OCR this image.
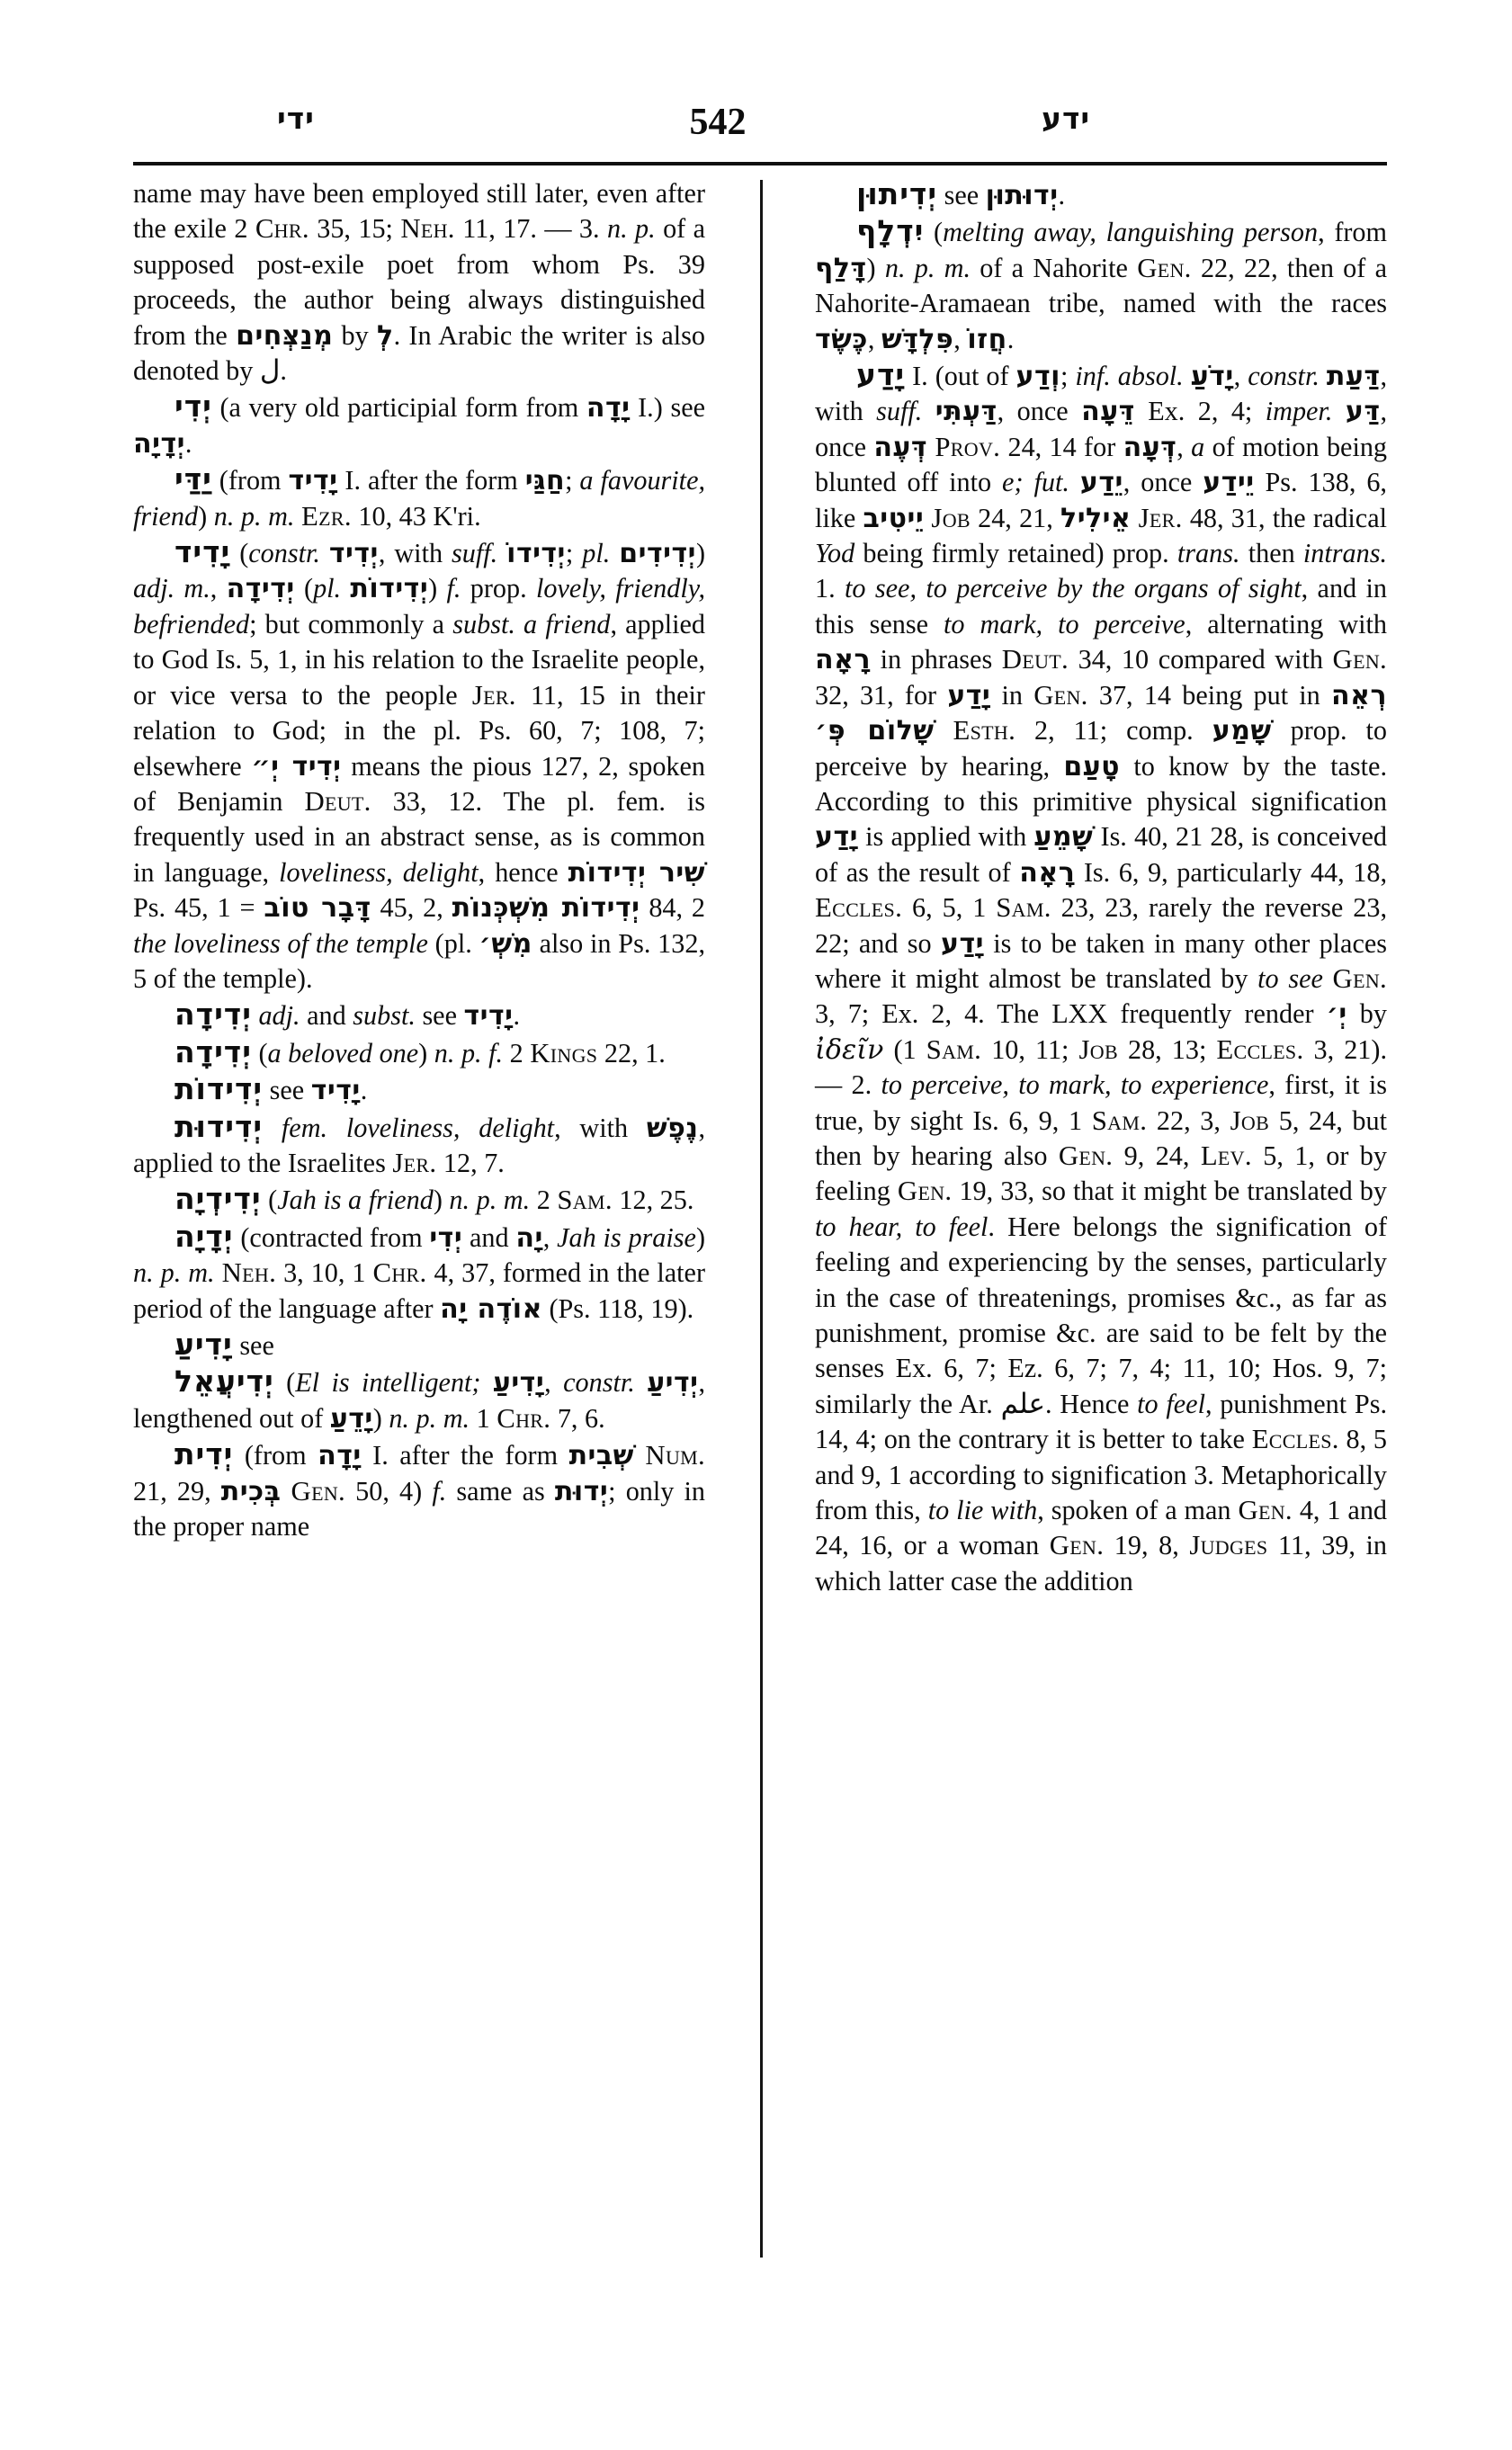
ידי	542	ידע

name may have been employed still later, even after the exile 2 Chr. 35, 15; Neh. 11, 17. — 3. n. p. of a supposed post-exile poet from whom Ps. 39 proceeds, the author being always distinguished from the מְנַצְּחִים by לְ. In Arabic the writer is also denoted by ل.

יְדִי (a very old participial form from יָדָה I.) see יְדָיָה.

יַדַּי (from יָדִיד I. after the form חַגַּי; a favourite, friend) n. p. m. Ezr. 10, 43 K'ri.

יָדִיד (constr. יְדִיד, with suff. יְדִידוֹ; pl. יְדִידִים) adj. m., יְדִידָה (pl. יְדִידוֹת) f. prop. lovely, friendly, befriended; but commonly a subst. a friend, applied to God Is. 5, 1, in his relation to the Israelite people, or vice versa to the people Jer. 11, 15 in their relation to God; in the pl. Ps. 60, 7; 108, 7; elsewhere יְדִיד יְ״ means the pious 127, 2, spoken of Benjamin Deut. 33, 12. The pl. fem. is frequently used in an abstract sense, as is common in language, loveliness, delight, hence שִׁיר יְדִידוֹת Ps. 45, 1 = דָּבָר טוֹב 45, 2, יְדִידוֹת מִשְׁכְּנוֹת 84, 2 the loveliness of the temple (pl. מִשְׁ׳ also in Ps. 132, 5 of the temple).

יְדִידָה adj. and subst. see יָדִיד.

יְדִידָה (a beloved one) n. p. f. 2 Kings 22, 1.

יְדִידוֹת see יָדִיד.

יְדִידוּת fem. loveliness, delight, with נֶפֶשׁ, applied to the Israelites Jer. 12, 7.

יְדִידְיָה (Jah is a friend) n. p. m. 2 Sam. 12, 25.

יְדָיָה (contracted from יְדִי and יָה, Jah is praise) n. p. m. Neh. 3, 10, 1 Chr. 4, 37, formed in the later period of the language after אוֹדֶה יָה (Ps. 118, 19).

יָדִיעַ see

יְדִיעֲאֵל (El is intelligent; יָדִיעַ, constr. יְדִיעַ, lengthened out of יָדֵעַ) n. p. m. 1 Chr. 7, 6.

יְדִית (from יָדָה I. after the form שְׁבִית Num. 21, 29, בְּכִית Gen. 50, 4) f. same as יְדוּת; only in the proper name

יְדִיתוּן see יְדוּתוּן.

יִדְלָף (melting away, languishing person, from דָּלַף) n. p. m. of a Nahorite Gen. 22, 22, then of a Nahorite-Aramaean tribe, named with the races כֶּשֶׂד, פִּלְדָּשׁ, חֲזוֹ.

יָדַע I. (out of וְדַע; inf. absol. יָדֹעַ, constr. דַּעַת, with suff. דַּעְתִּי, once דֵּעָה Ex. 2, 4; imper. דַּע, once דְּעֶה Prov. 24, 14 for דְּעָה, a of motion being blunted off into e; fut. יֵדַע, once יֵידַע Ps. 138, 6, like יֵיטִיב Job 24, 21, אֵילִיל Jer. 48, 31, the radical Yod being firmly retained) prop. trans. then intrans. 1. to see, to perceive by the organs of sight, and in this sense to mark, to perceive, alternating with רָאָה in phrases Deut. 34, 10 compared with Gen. 32, 31, for יָדַע in Gen. 37, 14 being put in רְאֵה שָׁלוֹם פְּ׳ Esth. 2, 11; comp. שָׁמַע prop. to perceive by hearing, טָעַם to know by the taste. According to this primitive physical signification יָדַע is applied with שָׁמֵעַ Is. 40, 21 28, is conceived of as the result of רָאָה Is. 6, 9, particularly 44, 18, Eccles. 6, 5, 1 Sam. 23, 23, rarely the reverse 23, 22; and so יָדַע is to be taken in many other places where it might almost be translated by to see Gen. 3, 7; Ex. 2, 4. The LXX frequently render יְ׳ by ἰδεῖν (1 Sam. 10, 11; Job 28, 13; Eccles. 3, 21). — 2. to perceive, to mark, to experience, first, it is true, by sight Is. 6, 9, 1 Sam. 22, 3, Job 5, 24, but then by hearing also Gen. 9, 24, Lev. 5, 1, or by feeling Gen. 19, 33, so that it might be translated by to hear, to feel. Here belongs the signification of feeling and experiencing by the senses, particularly in the case of threatenings, promises &c., as far as punishment, promise &c. are said to be felt by the senses Ex. 6, 7; Ez. 6, 7; 7, 4; 11, 10; Hos. 9, 7; similarly the Ar. علم. Hence to feel, punishment Ps. 14, 4; on the contrary it is better to take Eccles. 8, 5 and 9, 1 according to signification 3. Metaphorically from this, to lie with, spoken of a man Gen. 4, 1 and 24, 16, or a woman Gen. 19, 8, Judges 11, 39, in which latter case the addition
